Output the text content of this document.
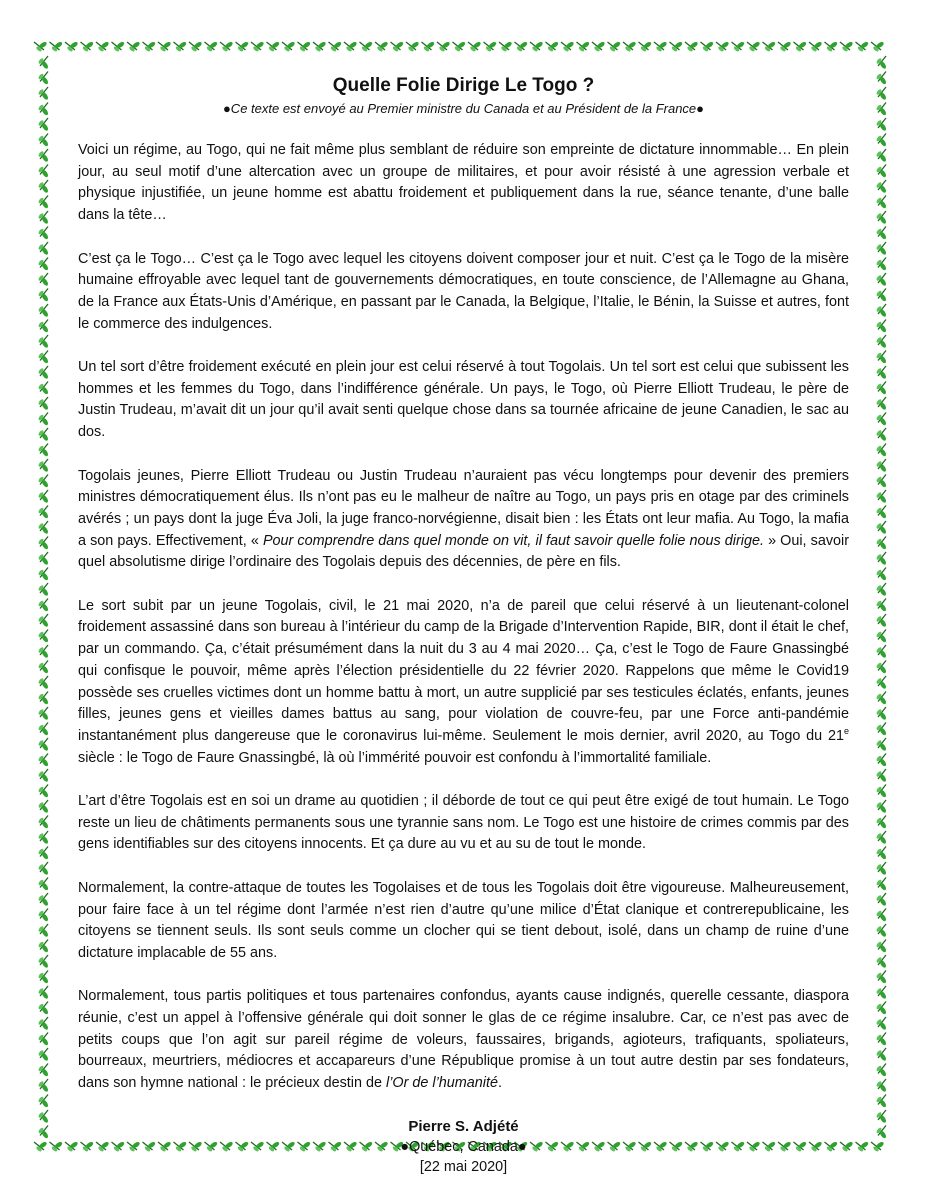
Quelle Folie Dirige Le Togo ?

●Ce texte est envoyé au Premier ministre du Canada et au Président de la France●

Voici un régime, au Togo, qui ne fait même plus semblant de réduire son empreinte de dictature innommable… En plein jour, au seul motif d’une altercation avec un groupe de militaires, et pour avoir résisté à une agression verbale et physique injustifiée, un jeune homme est abattu froidement et publiquement dans la rue, séance tenante, d’une balle dans la tête…

C’est ça le Togo… C’est ça le Togo avec lequel les citoyens doivent composer jour et nuit. C’est ça le Togo de la misère humaine effroyable avec lequel tant de gouvernements démocratiques, en toute conscience, de l’Allemagne au Ghana, de la France aux États-Unis d’Amérique, en passant par le Canada, la Belgique, l’Italie, le Bénin, la Suisse et autres, font le commerce des indulgences.

Un tel sort d’être froidement exécuté en plein jour est celui réservé à tout Togolais. Un tel sort est celui que subissent les hommes et les femmes du Togo, dans l’indifférence générale. Un pays, le Togo, où Pierre Elliott Trudeau, le père de Justin Trudeau, m’avait dit un jour qu’il avait senti quelque chose dans sa tournée africaine de jeune Canadien, le sac au dos.

Togolais jeunes, Pierre Elliott Trudeau ou Justin Trudeau n’auraient pas vécu longtemps pour devenir des premiers ministres démocratiquement élus. Ils n’ont pas eu le malheur de naître au Togo, un pays pris en otage par des criminels avérés ; un pays dont la juge Éva Joli, la juge franco-norvégienne, disait bien : les États ont leur mafia. Au Togo, la mafia a son pays. Effectivement, « Pour comprendre dans quel monde on vit, il faut savoir quelle folie nous dirige. » Oui, savoir quel absolutisme dirige l’ordinaire des Togolais depuis des décennies, de père en fils.

Le sort subit par un jeune Togolais, civil, le 21 mai 2020, n’a de pareil que celui réservé à un lieutenant-colonel froidement assassiné dans son bureau à l’intérieur du camp de la Brigade d’Intervention Rapide, BIR, dont il était le chef, par un commando. Ça, c’était présumément dans la nuit du 3 au 4 mai 2020… Ça, c’est le Togo de Faure Gnassingbé qui confisque le pouvoir, même après l’élection présidentielle du 22 février 2020. Rappelons que même le Covid19 possède ses cruelles victimes dont un homme battu à mort, un autre supplicié par ses testicules éclatés, enfants, jeunes filles, jeunes gens et vieilles dames battus au sang, pour violation de couvre-feu, par une Force anti-pandémie instantanément plus dangereuse que le coronavirus lui-même. Seulement le mois dernier, avril 2020, au Togo du 21e siècle : le Togo de Faure Gnassingbé, là où l’immérité pouvoir est confondu à l’immortalité familiale.

L’art d’être Togolais est en soi un drame au quotidien ; il déborde de tout ce qui peut être exigé de tout humain. Le Togo reste un lieu de châtiments permanents sous une tyrannie sans nom. Le Togo est une histoire de crimes commis par des gens identifiables sur des citoyens innocents. Et ça dure au vu et au su de tout le monde.

Normalement, la contre-attaque de toutes les Togolaises et de tous les Togolais doit être vigoureuse. Malheureusement, pour faire face à un tel régime dont l’armée n’est rien d’autre qu’une milice d’État clanique et contrerepublicaine, les citoyens se tiennent seuls. Ils sont seuls comme un clocher qui se tient debout, isolé, dans un champ de ruine d’une dictature implacable de 55 ans.

Normalement, tous partis politiques et tous partenaires confondus, ayants cause indignés, querelle cessante, diaspora réunie, c’est un appel à l’offensive générale qui doit sonner le glas de ce régime insalubre. Car, ce n’est pas avec de petits coups que l’on agit sur pareil régime de voleurs, faussaires, brigands, agioteurs, trafiquants, spoliateurs, bourreaux, meurtriers, médiocres et accapareurs d’une République promise à un tout autre destin par ses fondateurs, dans son hymne national : le précieux destin de l’Or de l’humanité.

Pierre S. Adjété
●Québec, Canada●
[22 mai 2020]
